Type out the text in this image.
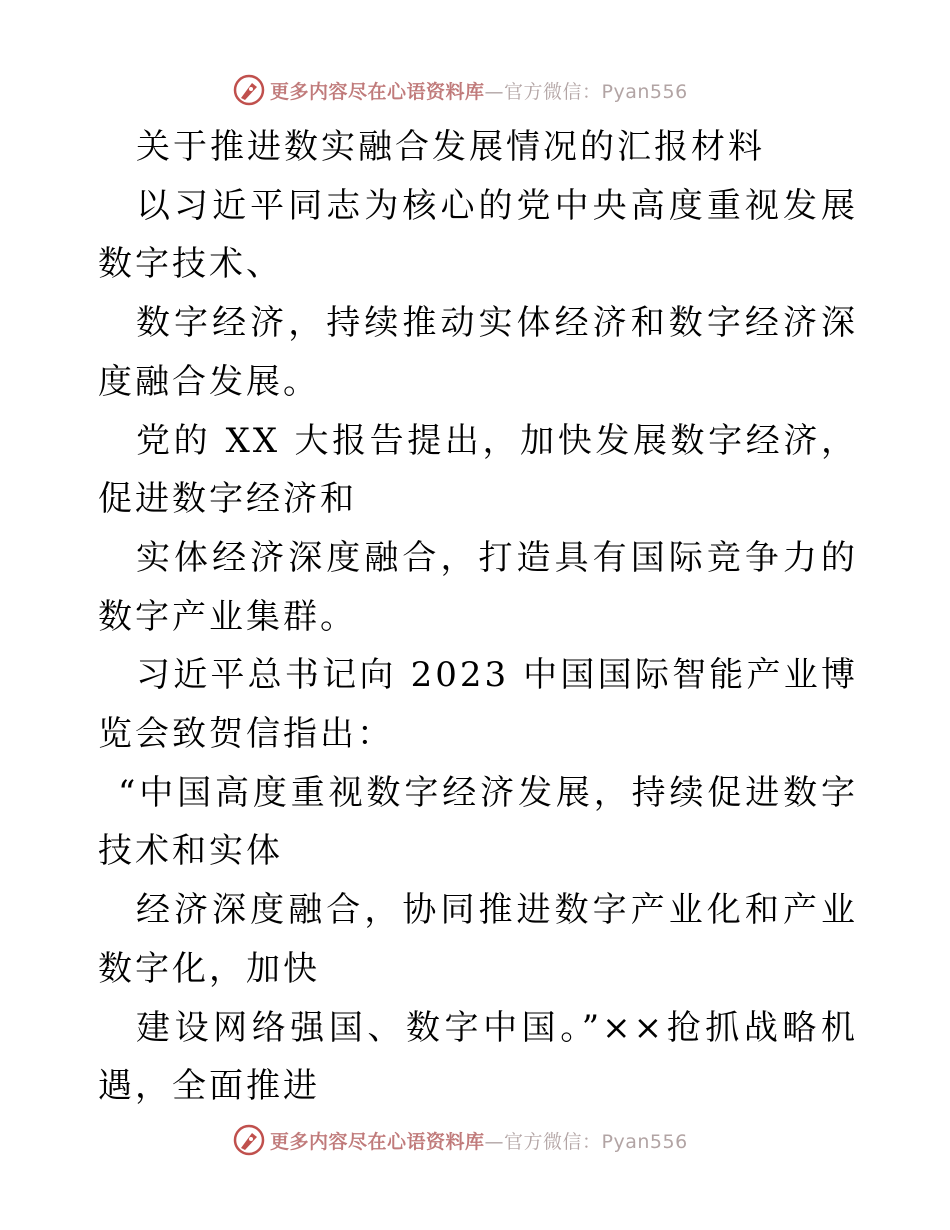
更多内容尽在心语资料库—官方微信：Pyan556

关于推进数实融合发展情况的汇报材料

以习近平同志为核心的党中央高度重视发展数字技术、

数字经济，持续推动实体经济和数字经济深度融合发展。

党的 XX 大报告提出，加快发展数字经济，促进数字经济和

实体经济深度融合，打造具有国际竞争力的数字产业集群。

习近平总书记向 2023 中国国际智能产业博览会致贺信指出：

“中国高度重视数字经济发展，持续促进数字技术和实体

经济深度融合，协同推进数字产业化和产业数字化，加快

建设网络强国、数字中国。”××抢抓战略机遇，全面推进

更多内容尽在心语资料库—官方微信：Pyan556
